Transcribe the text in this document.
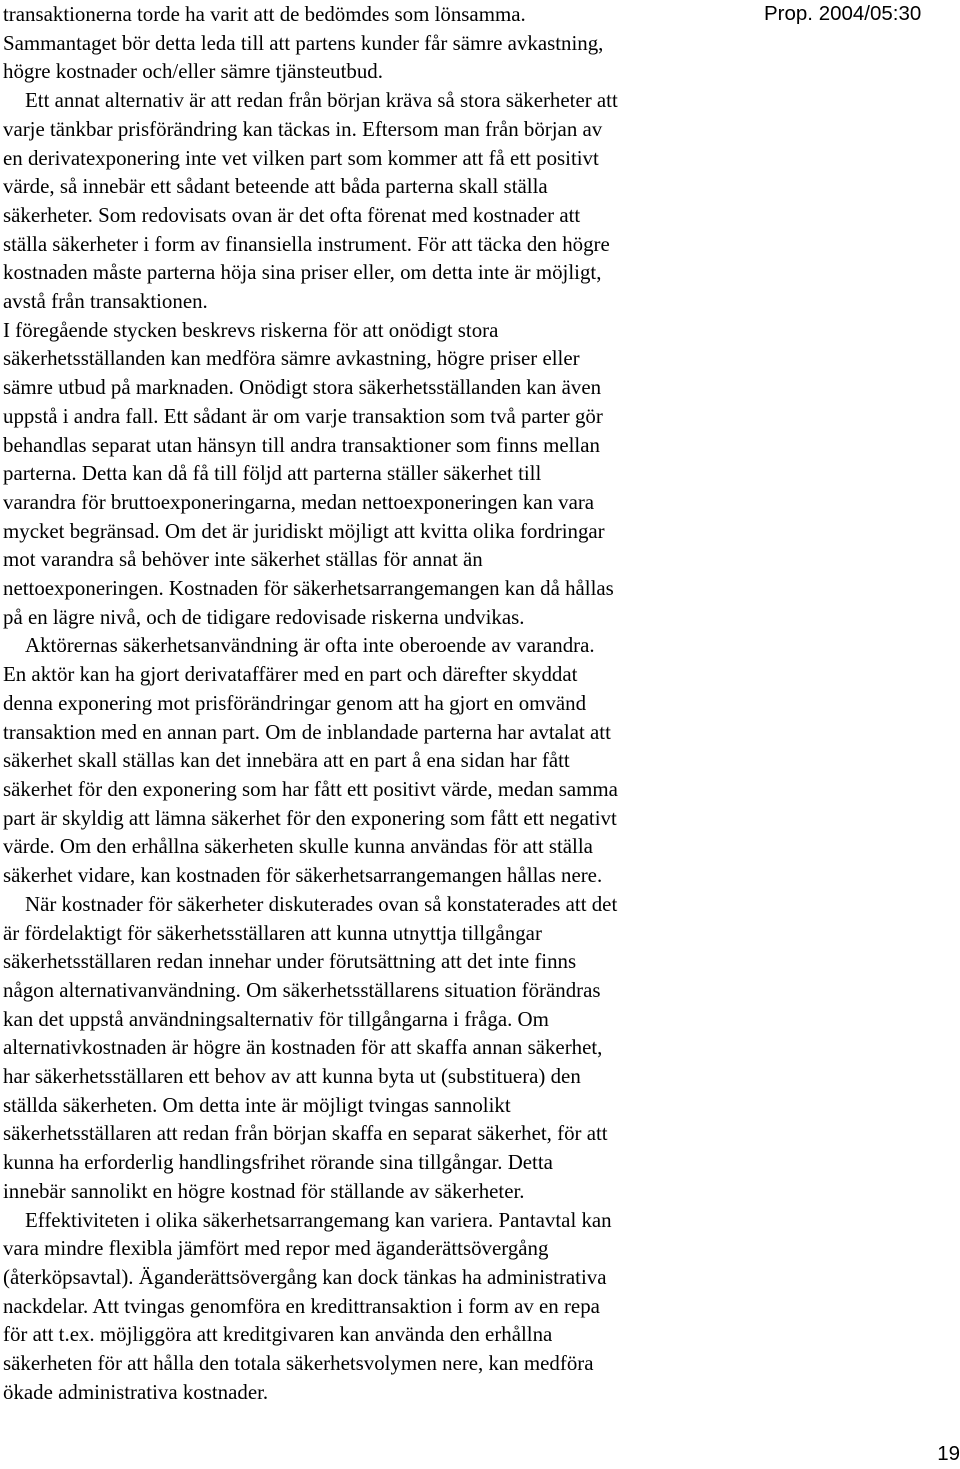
transaktionerna torde ha varit att de bedömdes som lönsamma.
Sammantaget bör detta leda till att partens kunder får sämre avkastning,
högre kostnader och/eller sämre tjänsteutbud.

Ett annat alternativ är att redan från början kräva så stora säkerheter att
varje tänkbar prisförändring kan täckas in. Eftersom man från början av
en derivatexponering inte vet vilken part som kommer att få ett positivt
värde, så innebär ett sådant beteende att båda parterna skall ställa
säkerheter. Som redovisats ovan är det ofta förenat med kostnader att
ställa säkerheter i form av finansiella instrument. För att täcka den högre
kostnaden måste parterna höja sina priser eller, om detta inte är möjligt,
avstå från transaktionen.

I föregående stycken beskrevs riskerna för att onödigt stora
säkerhetsställanden kan medföra sämre avkastning, högre priser eller
sämre utbud på marknaden. Onödigt stora säkerhetsställanden kan även
uppstå i andra fall. Ett sådant är om varje transaktion som två parter gör
behandlas separat utan hänsyn till andra transaktioner som finns mellan
parterna. Detta kan då få till följd att parterna ställer säkerhet till
varandra för bruttoexponeringarna, medan nettoexponeringen kan vara
mycket begränsad. Om det är juridiskt möjligt att kvitta olika fordringar
mot varandra så behöver inte säkerhet ställas för annat än
nettoexponeringen. Kostnaden för säkerhetsarrangemangen kan då hållas
på en lägre nivå, och de tidigare redovisade riskerna undvikas.

Aktörernas säkerhetsanvändning är ofta inte oberoende av varandra.
En aktör kan ha gjort derivataffärer med en part och därefter skyddat
denna exponering mot prisförändringar genom att ha gjort en omvänd
transaktion med en annan part. Om de inblandade parterna har avtalat att
säkerhet skall ställas kan det innebära att en part å ena sidan har fått
säkerhet för den exponering som har fått ett positivt värde, medan samma
part är skyldig att lämna säkerhet för den exponering som fått ett negativt
värde. Om den erhållna säkerheten skulle kunna användas för att ställa
säkerhet vidare, kan kostnaden för säkerhetsarrangemangen hållas nere.

När kostnader för säkerheter diskuterades ovan så konstaterades att det
är fördelaktigt för säkerhetsställaren att kunna utnyttja tillgångar
säkerhetsställaren redan innehar under förutsättning att det inte finns
någon alternativanvändning. Om säkerhetsställarens situation förändras
kan det uppstå användningsalternativ för tillgångarna i fråga. Om
alternativkostnaden är högre än kostnaden för att skaffa annan säkerhet,
har säkerhetsställaren ett behov av att kunna byta ut (substituera) den
ställda säkerheten. Om detta inte är möjligt tvingas sannolikt
säkerhetsställaren att redan från början skaffa en separat säkerhet, för att
kunna ha erforderlig handlingsfrihet rörande sina tillgångar. Detta
innebär sannolikt en högre kostnad för ställande av säkerheter.

Effektiviteten i olika säkerhetsarrangemang kan variera. Pantavtal kan
vara mindre flexibla jämfört med repor med äganderättsövergång
(återköpsavtal). Äganderättsövergång kan dock tänkas ha administrativa
nackdelar. Att tvingas genomföra en kredittransaktion i form av en repa
för att t.ex. möjliggöra att kreditgivaren kan använda den erhållna
säkerheten för att hålla den totala säkerhetsvolymen nere, kan medföra
ökade administrativa kostnader.

Prop. 2004/05:30
19
